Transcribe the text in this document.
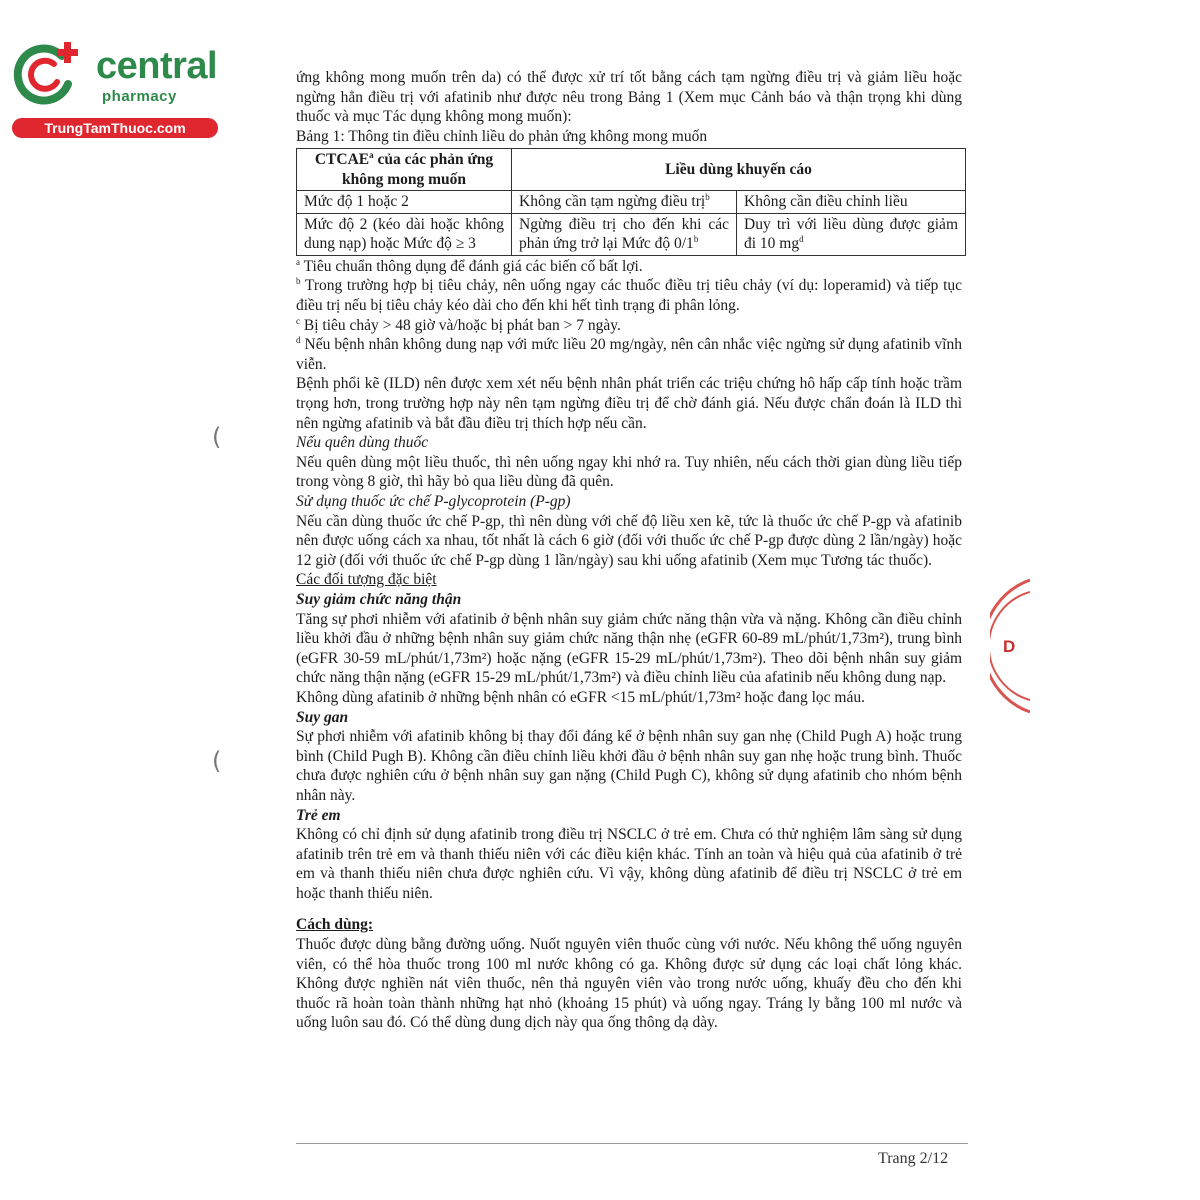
central
pharmacy
TrungTamThuoc.com
(
(
D

ứng không mong muốn trên da) có thể được xử trí tốt bằng cách tạm ngừng điều trị và giảm liều hoặc ngừng hẳn điều trị với afatinib như được nêu trong Bảng 1 (Xem mục Cảnh báo và thận trọng khi dùng thuốc và mục Tác dụng không mong muốn):

Bảng 1: Thông tin điều chỉnh liều do phản ứng không mong muốn

CTCAE$^a$ của các phản ứng không mong muốn	Liều dùng khuyến cáo	
Mức độ 1 hoặc 2	Không cần tạm ngừng điều trị$^b$	Không cần điều chỉnh liều
Mức độ 2 (kéo dài hoặc không dung nạp) hoặc Mức độ ≥ 3	Ngừng điều trị cho đến khi các phản ứng trở lại Mức độ 0/1$^b$	Duy trì với liều dùng được giảm đi 10 $mg^d$

$^a$ Tiêu chuẩn thông dụng để đánh giá các biến cố bất lợi.

$^b$ Trong trường hợp bị tiêu chảy, nên uống ngay các thuốc điều trị tiêu chảy (ví dụ: loperamid) và tiếp tục điều trị nếu bị tiêu chảy kéo dài cho đến khi hết tình trạng đi phân lỏng.

$^c$ Bị tiêu chảy > 48 giờ và/hoặc bị phát ban > 7 ngày.

$^d$ Nếu bệnh nhân không dung nạp với mức liều 20 mg/ngày, nên cân nhắc việc ngừng sử dụng afatinib vĩnh viễn.

Bệnh phổi kẽ (ILD) nên được xem xét nếu bệnh nhân phát triển các triệu chứng hô hấp cấp tính hoặc trầm trọng hơn, trong trường hợp này nên tạm ngừng điều trị để chờ đánh giá. Nếu được chẩn đoán là ILD thì nên ngừng afatinib và bắt đầu điều trị thích hợp nếu cần.

Nếu quên dùng thuốc

Nếu quên dùng một liều thuốc, thì nên uống ngay khi nhớ ra. Tuy nhiên, nếu cách thời gian dùng liều tiếp trong vòng 8 giờ, thì hãy bỏ qua liều dùng đã quên.

Sử dụng thuốc ức chế P-glycoprotein (P-gp)

Nếu cần dùng thuốc ức chế P-gp, thì nên dùng với chế độ liều xen kẽ, tức là thuốc ức chế P-gp và afatinib nên được uống cách xa nhau, tốt nhất là cách 6 giờ (đối với thuốc ức chế P-gp được dùng 2 lần/ngày) hoặc 12 giờ (đối với thuốc ức chế P-gp dùng 1 lần/ngày) sau khi uống afatinib (Xem mục Tương tác thuốc).

Các đối tượng đặc biệt

Suy giảm chức năng thận

Tăng sự phơi nhiễm với afatinib ở bệnh nhân suy giảm chức năng thận vừa và nặng. Không cần điều chỉnh liều khởi đầu ở những bệnh nhân suy giảm chức năng thận nhẹ (eGFR 60-89 mL/phút/1,73m²), trung bình (eGFR 30-59 mL/phút/1,73m²) hoặc nặng (eGFR 15-29 mL/phút/1,73m²). Theo dõi bệnh nhân suy giảm chức năng thận nặng (eGFR 15-29 mL/phút/1,73m²) và điều chỉnh liều của afatinib nếu không dung nạp.

Không dùng afatinib ở những bệnh nhân có eGFR <15 mL/phút/1,73m² hoặc đang lọc máu.

Suy gan

Sự phơi nhiễm với afatinib không bị thay đổi đáng kể ở bệnh nhân suy gan nhẹ (Child Pugh A) hoặc trung bình (Child Pugh B). Không cần điều chỉnh liều khởi đầu ở bệnh nhân suy gan nhẹ hoặc trung bình. Thuốc chưa được nghiên cứu ở bệnh nhân suy gan nặng (Child Pugh C), không sử dụng afatinib cho nhóm bệnh nhân này.

Trẻ em

Không có chỉ định sử dụng afatinib trong điều trị NSCLC ở trẻ em. Chưa có thử nghiệm lâm sàng sử dụng afatinib trên trẻ em và thanh thiếu niên với các điều kiện khác. Tính an toàn và hiệu quả của afatinib ở trẻ em và thanh thiếu niên chưa được nghiên cứu. Vì vậy, không dùng afatinib để điều trị NSCLC ở trẻ em hoặc thanh thiếu niên.

Cách dùng:

Thuốc được dùng bằng đường uống. Nuốt nguyên viên thuốc cùng với nước. Nếu không thể uống nguyên viên, có thể hòa thuốc trong 100 ml nước không có ga. Không được sử dụng các loại chất lỏng khác. Không được nghiền nát viên thuốc, nên thả nguyên viên vào trong nước uống, khuấy đều cho đến khi thuốc rã hoàn toàn thành những hạt nhỏ (khoảng 15 phút) và uống ngay. Tráng ly bằng 100 ml nước và uống luôn sau đó. Có thể dùng dung dịch này qua ống thông dạ dày.

Trang 2/12
